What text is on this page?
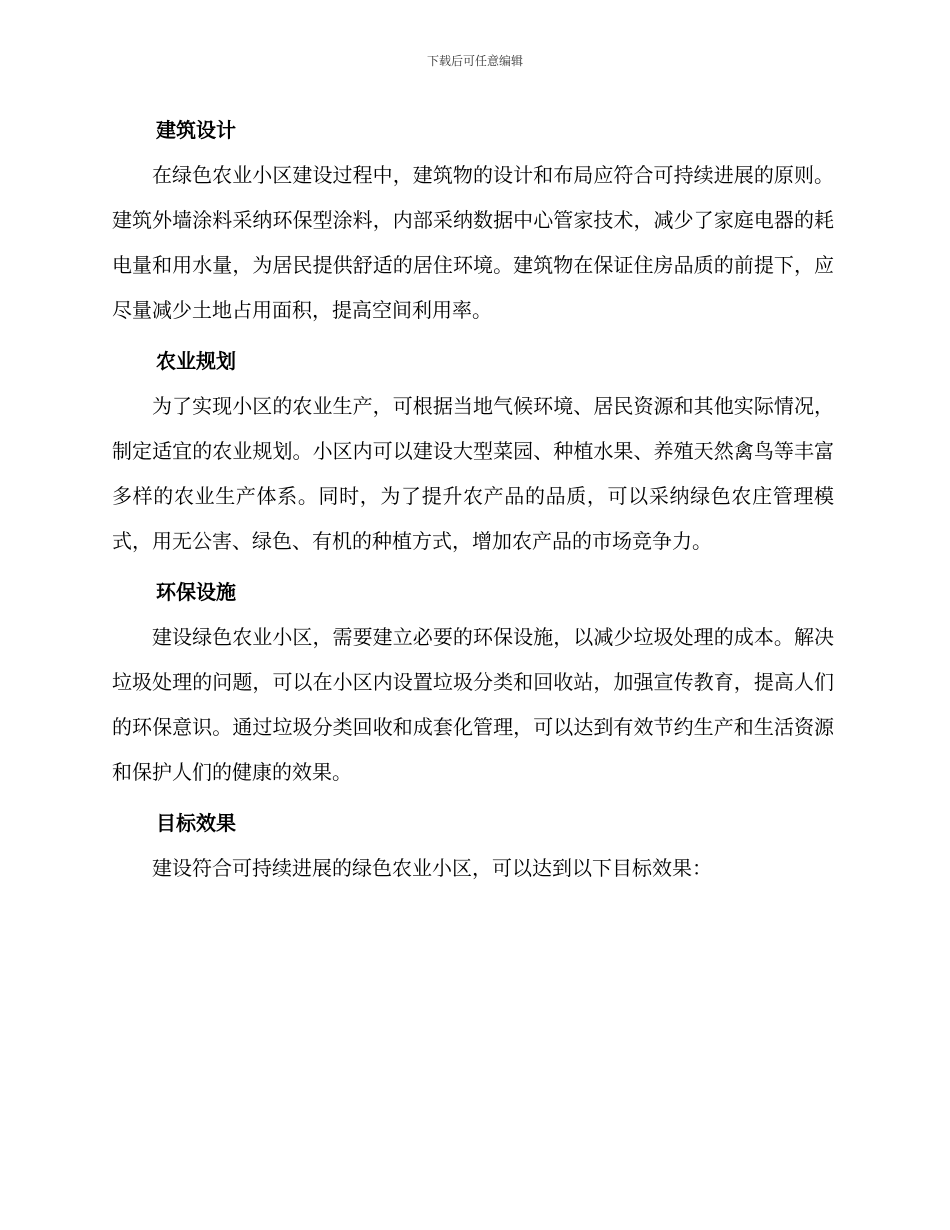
下载后可任意编辑
建筑设计

在绿色农业小区建设过程中，建筑物的设计和布局应符合可持续进展的原则。建筑外墙涂料采纳环保型涂料，内部采纳数据中心管家技术，减少了家庭电器的耗电量和用水量，为居民提供舒适的居住环境。建筑物在保证住房品质的前提下，应尽量减少土地占用面积，提高空间利用率。

农业规划

为了实现小区的农业生产，可根据当地气候环境、居民资源和其他实际情况，制定适宜的农业规划。小区内可以建设大型菜园、种植水果、养殖天然禽鸟等丰富多样的农业生产体系。同时，为了提升农产品的品质，可以采纳绿色农庄管理模式，用无公害、绿色、有机的种植方式，增加农产品的市场竞争力。

环保设施

建设绿色农业小区，需要建立必要的环保设施，以减少垃圾处理的成本。解决垃圾处理的问题，可以在小区内设置垃圾分类和回收站，加强宣传教育，提高人们的环保意识。通过垃圾分类回收和成套化管理，可以达到有效节约生产和生活资源和保护人们的健康的效果。

目标效果

建设符合可持续进展的绿色农业小区，可以达到以下目标效果：
